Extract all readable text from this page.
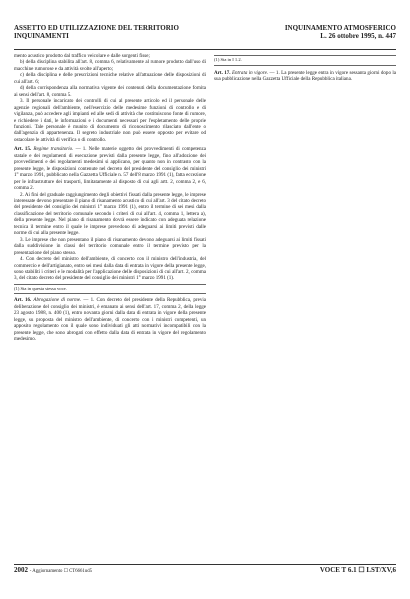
ASSETTO ED UTILIZZAZIONE DEL TERRITORIO
INQUINAMENTI
INQUINAMENTO ATMOSFERICO
L. 26 ottobre 1995, n. 447

mento acustico prodotto dal traffico veicolare e dalle sorgenti fisse;

b) della disciplina stabilita all'art. 8, comma 6, relativamente al rumore prodotto dall'uso di macchine rumorose e da attività svolte all'aperto;

c) della disciplina e delle prescrizioni tecniche relative all'attuazione delle disposizioni di cui all'art. 6;

d) della corrispondenza alla normativa vigente dei contenuti della documentazione fornita ai sensi dell'art. 8, comma 5.

3. Il personale incaricato dei controlli di cui al presente articolo ed il personale delle agenzie regionali dell'ambiente, nell'esercizio delle medesime funzioni di controllo e di vigilanza, può accedere agli impianti ed alle sedi di attività che costituiscono fonte di rumore, e richiedere i dati, le informazioni e i documenti necessari per l'espletamento delle proprie funzioni. Tale personale è munito di documento di riconoscimento rilasciato dall'ente o dall'agenzia di appartenenza. Il segreto industriale non può essere opposto per evitare od ostacolare le attività di verifica o di controllo.

Art. 15. Regime transitorio. — 1. Nelle materie oggetto dei provvedimenti di competenza statale e dei regolamenti di esecuzione previsti dalla presente legge, fino all'adozione dei provvedimenti e dei regolamenti medesimi si applicano, per quanto non in contrasto con la presente legge, le disposizioni contenute nel decreto del presidente del consiglio dei ministri 1° marzo 1991, pubblicato nella Gazzetta Ufficiale n. 57 dell'8 marzo 1991 (1), fatta eccezione per le infrastrutture dei trasporti, limitatamente al disposto di cui agli artt. 2, comma 2, e 6, comma 2.

2. Ai fini del graduale raggiungimento degli obiettivi fissati dalla presente legge, le imprese interessate devono presentare il piano di risanamento acustico di cui all'art. 3 del citato decreto del presidente del consiglio dei ministri 1° marzo 1991 (1), entro il termine di sei mesi dalla classificazione del territorio comunale secondo i criteri di cui all'art. 4, comma 1, lettera a), della presente legge. Nel piano di risanamento dovrà essere indicato con adeguata relazione tecnica il termine entro il quale le imprese prevedono di adeguarsi ai limiti previsti dalle norme di cui alla presente legge.

3. Le imprese che non presentano il piano di risanamento devono adeguarsi ai limiti fissati dalla suddivisione in classi del territorio comunale entro il termine previsto per la presentazione del piano stesso.

4. Con decreto del ministro dell'ambiente, di concerto con il ministro dell'industria, del commercio e dell'artigianato, entro sei mesi dalla data di entrata in vigore della presente legge, sono stabiliti i criteri e le modalità per l'applicazione delle disposizioni di cui all'art. 2, comma 3, del citato decreto del presidente del consiglio dei ministri 1° marzo 1991 (1).

(1) Sta in questa stessa voce.

Art. 16. Abrogazione di norme. — 1. Con decreto del presidente della Repubblica, previa deliberazione del consiglio dei ministri, è emanato ai sensi dell'art. 17, comma 2, della legge 23 agosto 1988, n. 400 (1), entro novanta giorni dalla data di entrata in vigore della presente legge, su proposta del ministro dell'ambiente, di concerto con i ministri competenti, un apposito regolamento con il quale sono individuati gli atti normativi incompatibili con la presente legge, che sono abrogati con effetto dalla data di entrata in vigore del regolamento medesimo.

(1) Sta in I 1.2.

Art. 17. Entrata in vigore. — 1. La presente legge entra in vigore sessanta giorni dopo la sua pubblicazione nella Gazzetta Ufficiale della Repubblica italiana.

2002 - Aggiornamento ☐ CT6661ud5	VOCE T 6.1 ☐ LST/XV,6
